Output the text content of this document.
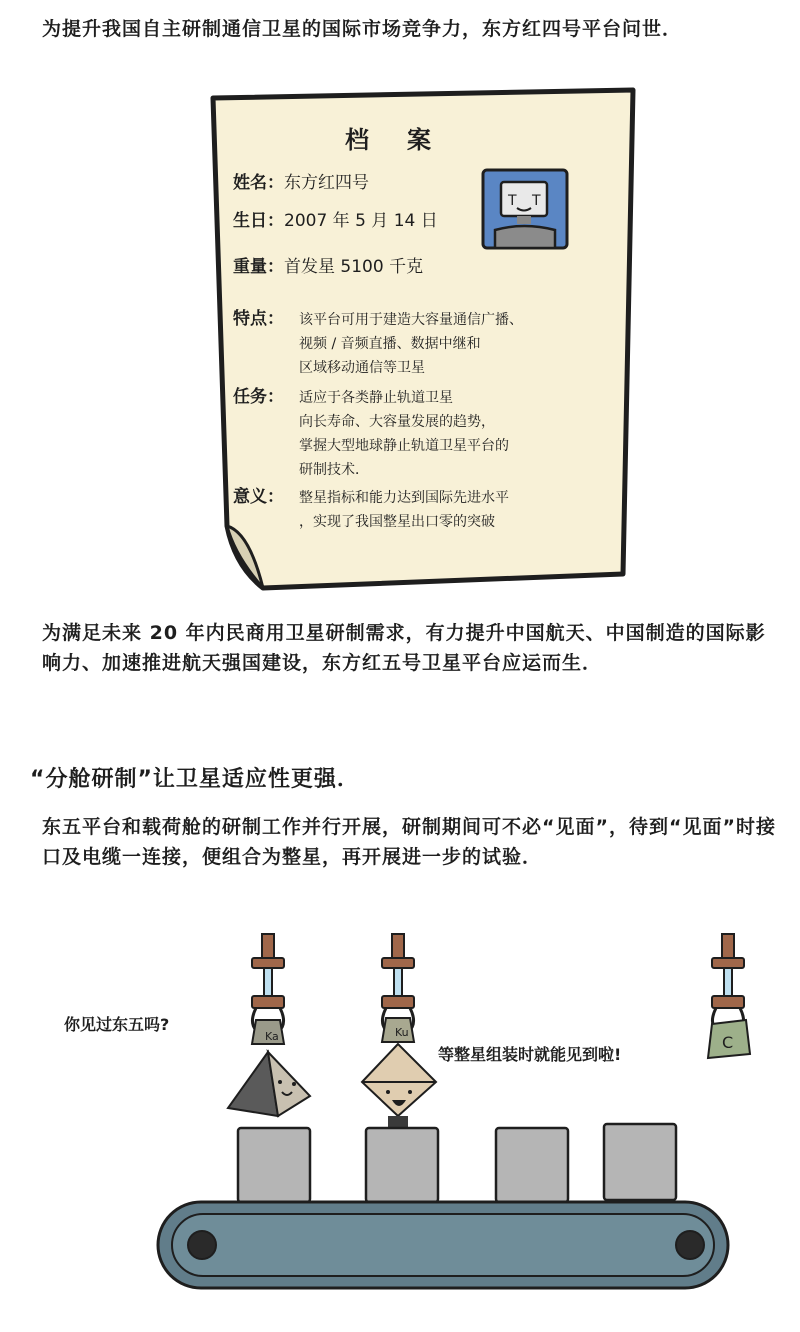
为提升我国自主研制通信卫星的国际市场竞争力，东方红四号平台问世．
档案
姓名：东方红四号
生日：2007 年 5 月 14 日
重量：首发星 5100 千克
特点： 该平台可用于建造大容量通信广播、
视频 / 音频直播、数据中继和
区域移动通信等卫星
任务： 适应于各类静止轨道卫星
向长寿命、大容量发展的趋势，
掌握大型地球静止轨道卫星平台的
研制技术．
意义： 整星指标和能力达到国际先进水平
，实现了我国整星出口零的突破
T T
为满足未来 20 年内民商用卫星研制需求，有力提升中国航天、中国制造的国际影响力、加速推进航天强国建设，东方红五号卫星平台应运而生．
“分舱研制”让卫星适应性更强．
东五平台和载荷舱的研制工作并行开展，研制期间可不必“见面”，待到“见面”时接口及电缆一连接，便组合为整星，再开展进一步的试验．
Ka	Ku
C
你见过东五吗?
等整星组装时就能见到啦!
